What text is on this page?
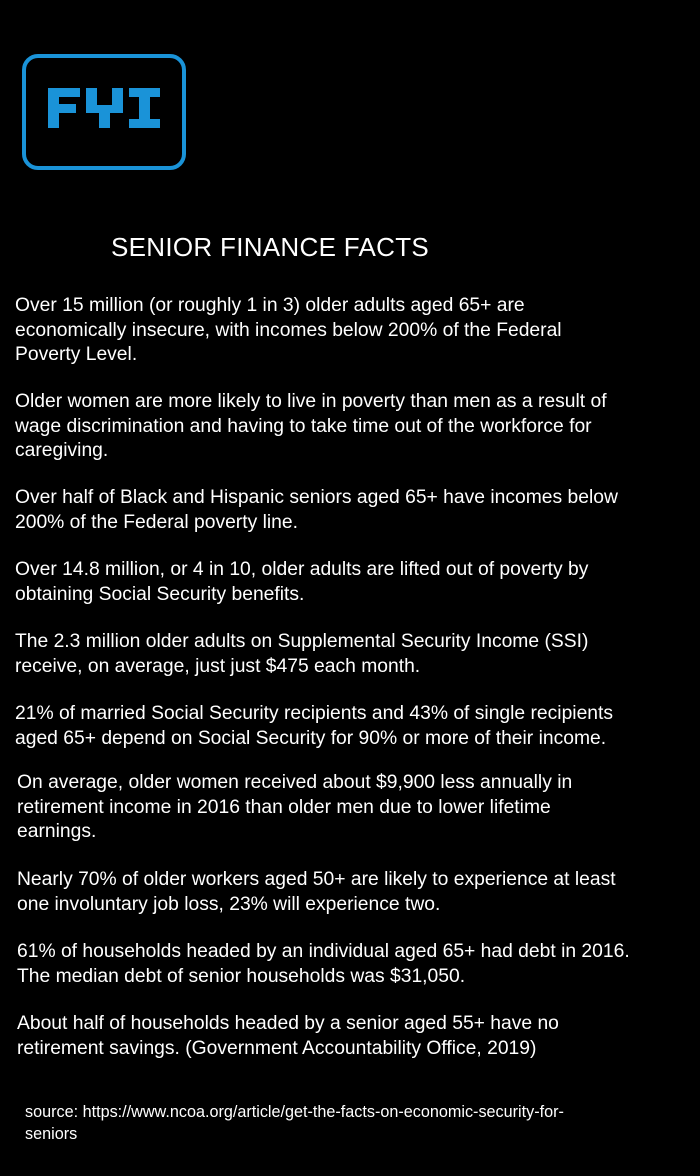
SENIOR FINANCE FACTS

Over 15 million (or roughly 1 in 3) older adults aged 65+ are
economically insecure, with incomes below 200% of the Federal
Poverty Level.

Older women are more likely to live in poverty than men as a result of
wage discrimination and having to take time out of the workforce for
caregiving.

Over half of Black and Hispanic seniors aged 65+ have incomes below
200% of the Federal poverty line.

Over 14.8 million, or 4 in 10, older adults are lifted out of poverty by
obtaining Social Security benefits.

The 2.3 million older adults on Supplemental Security Income (SSI)
receive, on average, just just $475 each month.

21% of married Social Security recipients and 43% of single recipients
aged 65+ depend on Social Security for 90% or more of their income.

On average, older women received about $9,900 less annually in
retirement income in 2016 than older men due to lower lifetime
earnings.

Nearly 70% of older workers aged 50+ are likely to experience at least
one involuntary job loss, 23% will experience two.

61% of households headed by an individual aged 65+ had debt in 2016.
The median debt of senior households was $31,050.

About half of households headed by a senior aged 55+ have no
retirement savings. (Government Accountability Office, 2019)

source: https://www.ncoa.org/article/get-the-facts-on-economic-security-for-
seniors
